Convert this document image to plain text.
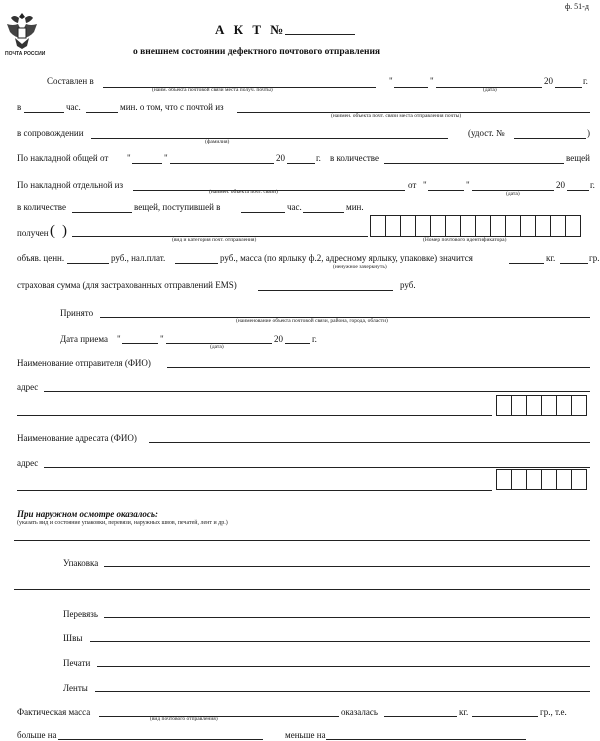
ф. 51-д
ПОЧТА РОССИИ
А К Т №
о внешнем состоянии дефектного почтового отправления
Составлен в	"	"	20	г.
(наим. объекта почтовой связи места получ. почты)	(дата)
в	час.	мин. о том, что с почтой из
(наимен. объекта почт. связи места отправления почты)
в сопровождении	(удост. №	)
(фамилия)
По накладной общей от "	"	20	г. в количестве	вещей
По накладной отдельной из	от "	"	20	г.
(наимен. объекта почт. связи)	(дата)
в количестве	вещей, поступившей в	час.	мин.
получен ( )
(вид и категория почт. отправления)	(Номер почтового идентификатора)
объяв. ценн.	руб., нал.плат.	руб., масса (по ярлыку ф.2, адресному ярлыку, упаковке) значится	кг.	гр.
(ненужное зачеркнуть)
страховая сумма (для застрахованных отправлений EMS)	руб.
Принято
(наименование объекта почтовой связи, района, города, области)
Дата приема "	"	20	г.
(дата)
Наименование отправителя (ФИО)
адрес
Наименование адресата (ФИО)
адрес
При наружном осмотре оказалось:
(указать вид и состояние упаковки, перевязи, наружных швов, печатей, лент и др.)
Упаковка
Перевязь
Швы
Печати
Ленты
Фактическая масса	оказалась	кг.	гр., т.е.
(вид почтового отправления)
больше на	меньше на
